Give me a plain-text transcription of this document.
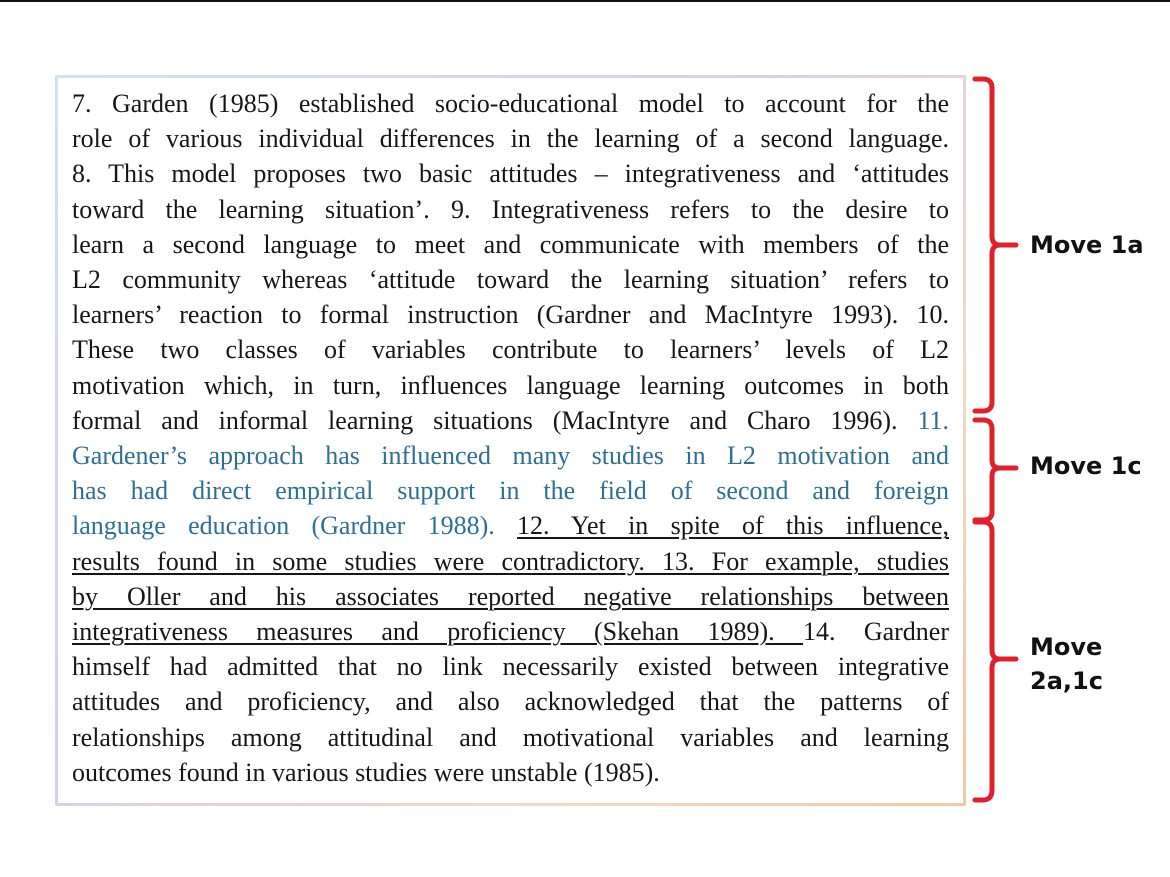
7. Garden (1985) established socio-educational model to account for the
role of various individual differences in the learning of a second language.
8. This model proposes two basic attitudes – integrativeness and ‘attitudes
toward the learning situation’. 9. Integrativeness refers to the desire to
learn a second language to meet and communicate with members of the
L2 community whereas ‘attitude toward the learning situation’ refers to
learners’ reaction to formal instruction (Gardner and MacIntyre 1993). 10.
These two classes of variables contribute to learners’ levels of L2
motivation which, in turn, influences language learning outcomes in both
formal and informal learning situations (MacIntyre and Charo 1996). 11.
Gardener’s approach has influenced many studies in L2 motivation and
has had direct empirical support in the field of second and foreign
language education (Gardner 1988). 12. Yet in spite of this influence,
results found in some studies were contradictory. 13. For example, studies
by Oller and his associates reported negative relationships between
integrativeness measures and proficiency (Skehan 1989). 14. Gardner
himself had admitted that no link necessarily existed between integrative
attitudes and proficiency, and also acknowledged that the patterns of
relationships among attitudinal and motivational variables and learning
outcomes found in various studies were unstable (1985).
Move 1a
Move 1c
Move
2a,1c
